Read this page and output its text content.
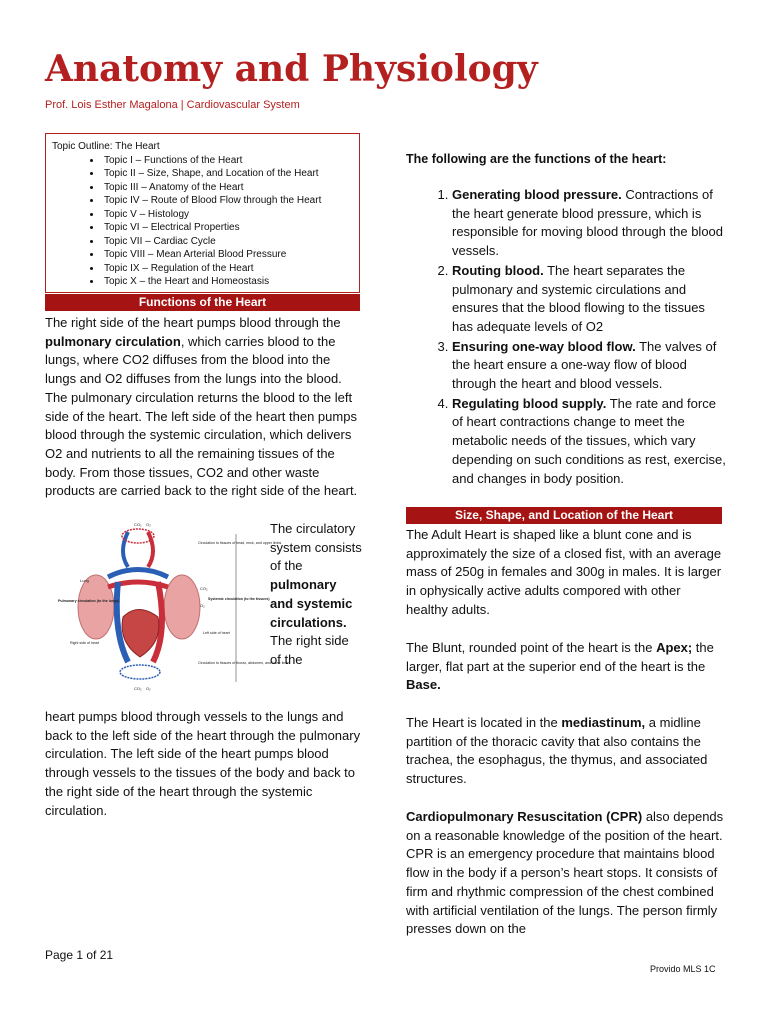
Anatomy and Physiology
Prof. Lois Esther Magalona | Cardiovascular System
Topic Outline: The Heart
• Topic I – Functions of the Heart
• Topic II – Size, Shape, and Location of the Heart
• Topic III – Anatomy of the Heart
• Topic IV – Route of Blood Flow through the Heart
• Topic V – Histology
• Topic VI – Electrical Properties
• Topic VII – Cardiac Cycle
• Topic VIII – Mean Arterial Blood Pressure
• Topic IX – Regulation of the Heart
• Topic X – the Heart and Homeostasis
Functions of the Heart
The right side of the heart pumps blood through the pulmonary circulation, which carries blood to the lungs, where CO2 diffuses from the blood into the lungs and O2 diffuses from the lungs into the blood. The pulmonary circulation returns the blood to the left side of the heart. The left side of the heart then pumps blood through the systemic circulation, which delivers O2 and nutrients to all the remaining tissues of the body. From those tissues, CO2 and other waste products are carried back to the right side of the heart.
CO₂ O₂
Circulation to tissues of head, neck, and upper limbs
Lung
Pulmonary circulation (to the lungs)
CO₂
O₂
Systemic circulation (to the tissues)
Left side of heart
Right side of heart
Circulation to tissues of thorax, abdomen, and lower limbs
CO₂ O₂
The circulatory system consists of the pulmonary and systemic circulations. The right side of the
heart pumps blood through vessels to the lungs and back to the left side of the heart through the pulmonary circulation. The left side of the heart pumps blood through vessels to the tissues of the body and back to the right side of the heart through the systemic circulation.
The following are the functions of the heart:
1. Generating blood pressure. Contractions of the heart generate blood pressure, which is responsible for moving blood through the blood vessels.
2. Routing blood. The heart separates the pulmonary and systemic circulations and ensures that the blood flowing to the tissues has adequate levels of O2
3. Ensuring one-way blood flow. The valves of the heart ensure a one-way flow of blood through the heart and blood vessels.
4. Regulating blood supply. The rate and force of heart contractions change to meet the metabolic needs of the tissues, which vary depending on such conditions as rest, exercise, and changes in body position.
Size, Shape, and Location of the Heart
The Adult Heart is shaped like a blunt cone and is approximately the size of a closed fist, with an average mass of 250g in females and 300g in males. It is larger in ophysically active adults compored with other healthy adults.
The Blunt, rounded point of the heart is the Apex; the larger, flat part at the superior end of the heart is the Base.
The Heart is located in the mediastinum, a midline partition of the thoracic cavity that also contains the trachea, the esophagus, the thymus, and associated structures.
Cardiopulmonary Resuscitation (CPR) also depends on a reasonable knowledge of the position of the heart. CPR is an emergency procedure that maintains blood flow in the body if a person’s heart stops. It consists of firm and rhythmic compression of the chest combined with artificial ventilation of the lungs. The person firmly presses down on the
Page 1 of 21
Provido MLS 1C
